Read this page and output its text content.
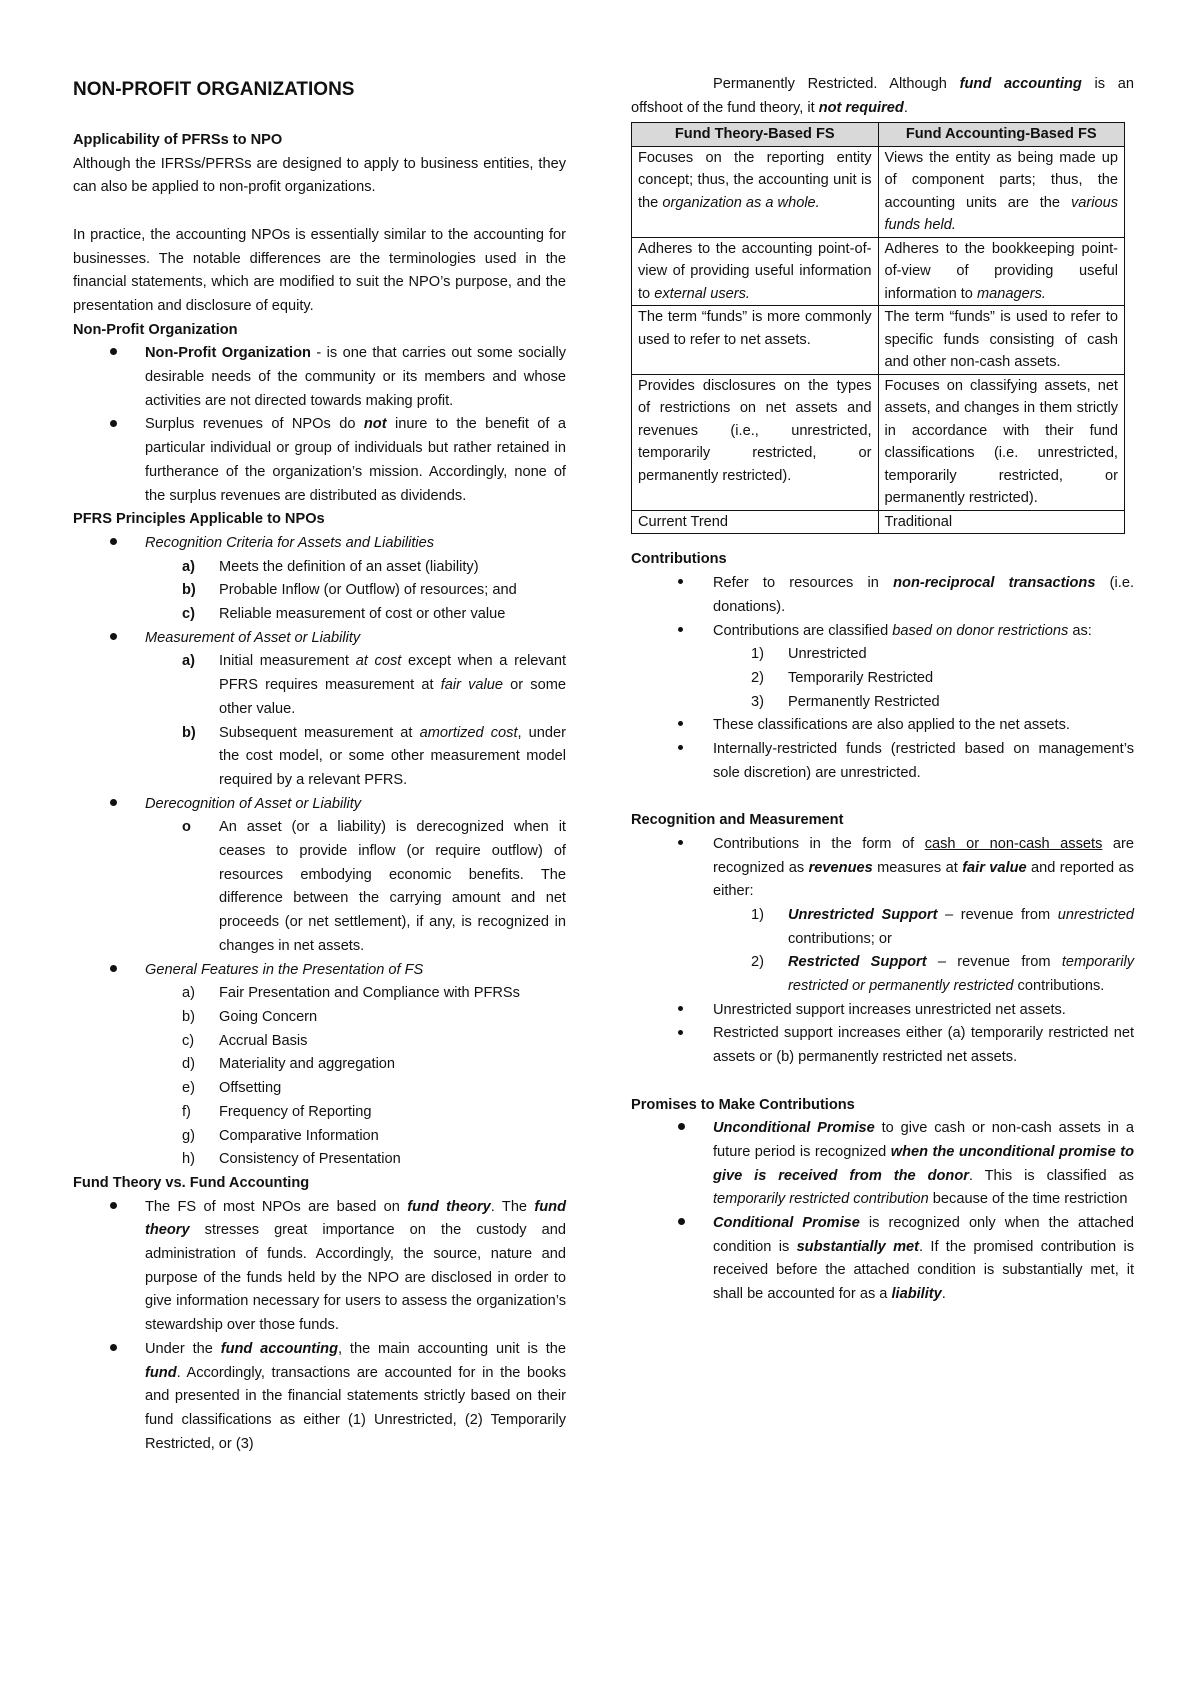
NON-PROFIT ORGANIZATIONS

Applicability of PFRSs to NPO

Although the IFRSs/PFRSs are designed to apply to business entities, they can also be applied to non-profit organizations.

In practice, the accounting NPOs is essentially similar to the accounting for businesses. The notable differences are the terminologies used in the financial statements, which are modified to suit the NPO’s purpose, and the presentation and disclosure of equity.

Non-Profit Organization

Non-Profit Organization - is one that carries out some socially desirable needs of the community or its members and whose activities are not directed towards making profit.
Surplus revenues of NPOs do not inure to the benefit of a particular individual or group of individuals but rather retained in furtherance of the organization’s mission. Accordingly, none of the surplus revenues are distributed as dividends.

PFRS Principles Applicable to NPOs

Recognition Criteria for Assets and Liabilities
a) Meets the definition of an asset (liability)
b) Probable Inflow (or Outflow) of resources; and
c) Reliable measurement of cost or other value
Measurement of Asset or Liability
a) Initial measurement at cost except when a relevant PFRS requires measurement at fair value or some other value.
b) Subsequent measurement at amortized cost, under the cost model, or some other measurement model required by a relevant PFRS.
Derecognition of Asset or Liability
o An asset (or a liability) is derecognized when it ceases to provide inflow (or require outflow) of resources embodying economic benefits. The difference between the carrying amount and net proceeds (or net settlement), if any, is recognized in changes in net assets.
General Features in the Presentation of FS
a) Fair Presentation and Compliance with PFRSs
b) Going Concern
c) Accrual Basis
d) Materiality and aggregation
e) Offsetting
f) Frequency of Reporting
g) Comparative Information
h) Consistency of Presentation

Fund Theory vs. Fund Accounting

The FS of most NPOs are based on fund theory. The fund theory stresses great importance on the custody and administration of funds. Accordingly, the source, nature and purpose of the funds held by the NPO are disclosed in order to give information necessary for users to assess the organization’s stewardship over those funds.
Under the fund accounting, the main accounting unit is the fund. Accordingly, transactions are accounted for in the books and presented in the financial statements strictly based on their fund classifications as either (1) Unrestricted, (2) Temporarily Restricted, or (3)

Permanently Restricted. Although fund accounting is an offshoot of the fund theory, it not required.

Fund Theory-Based FS	Fund Accounting-Based FS
Focuses on the reporting entity concept; thus, the accounting unit is the organization as a whole.	Views the entity as being made up of component parts; thus, the accounting units are the various funds held.
Adheres to the accounting point-of-view of providing useful information to external users.	Adheres to the bookkeeping point-of-view of providing useful information to managers.
The term “funds” is more commonly used to refer to net assets.	The term “funds” is used to refer to specific funds consisting of cash and other non-cash assets.
Provides disclosures on the types of restrictions on net assets and revenues (i.e., unrestricted, temporarily restricted, or permanently restricted).	Focuses on classifying assets, net assets, and changes in them strictly in accordance with their fund classifications (i.e. unrestricted, temporarily restricted, or permanently restricted).
Current Trend	Traditional

Contributions

Refer to resources in non-reciprocal transactions (i.e. donations).
Contributions are classified based on donor restrictions as:
1) Unrestricted
2) Temporarily Restricted
3) Permanently Restricted
These classifications are also applied to the net assets.
Internally-restricted funds (restricted based on management’s sole discretion) are unrestricted.

Recognition and Measurement

Contributions in the form of cash or non-cash assets are recognized as revenues measures at fair value and reported as either:
1) Unrestricted Support – revenue from unrestricted contributions; or
2) Restricted Support – revenue from temporarily restricted or permanently restricted contributions.
Unrestricted support increases unrestricted net assets.
Restricted support increases either (a) temporarily restricted net assets or (b) permanently restricted net assets.

Promises to Make Contributions

Unconditional Promise to give cash or non-cash assets in a future period is recognized when the unconditional promise to give is received from the donor. This is classified as temporarily restricted contribution because of the time restriction
Conditional Promise is recognized only when the attached condition is substantially met. If the promised contribution is received before the attached condition is substantially met, it shall be accounted for as a liability.
